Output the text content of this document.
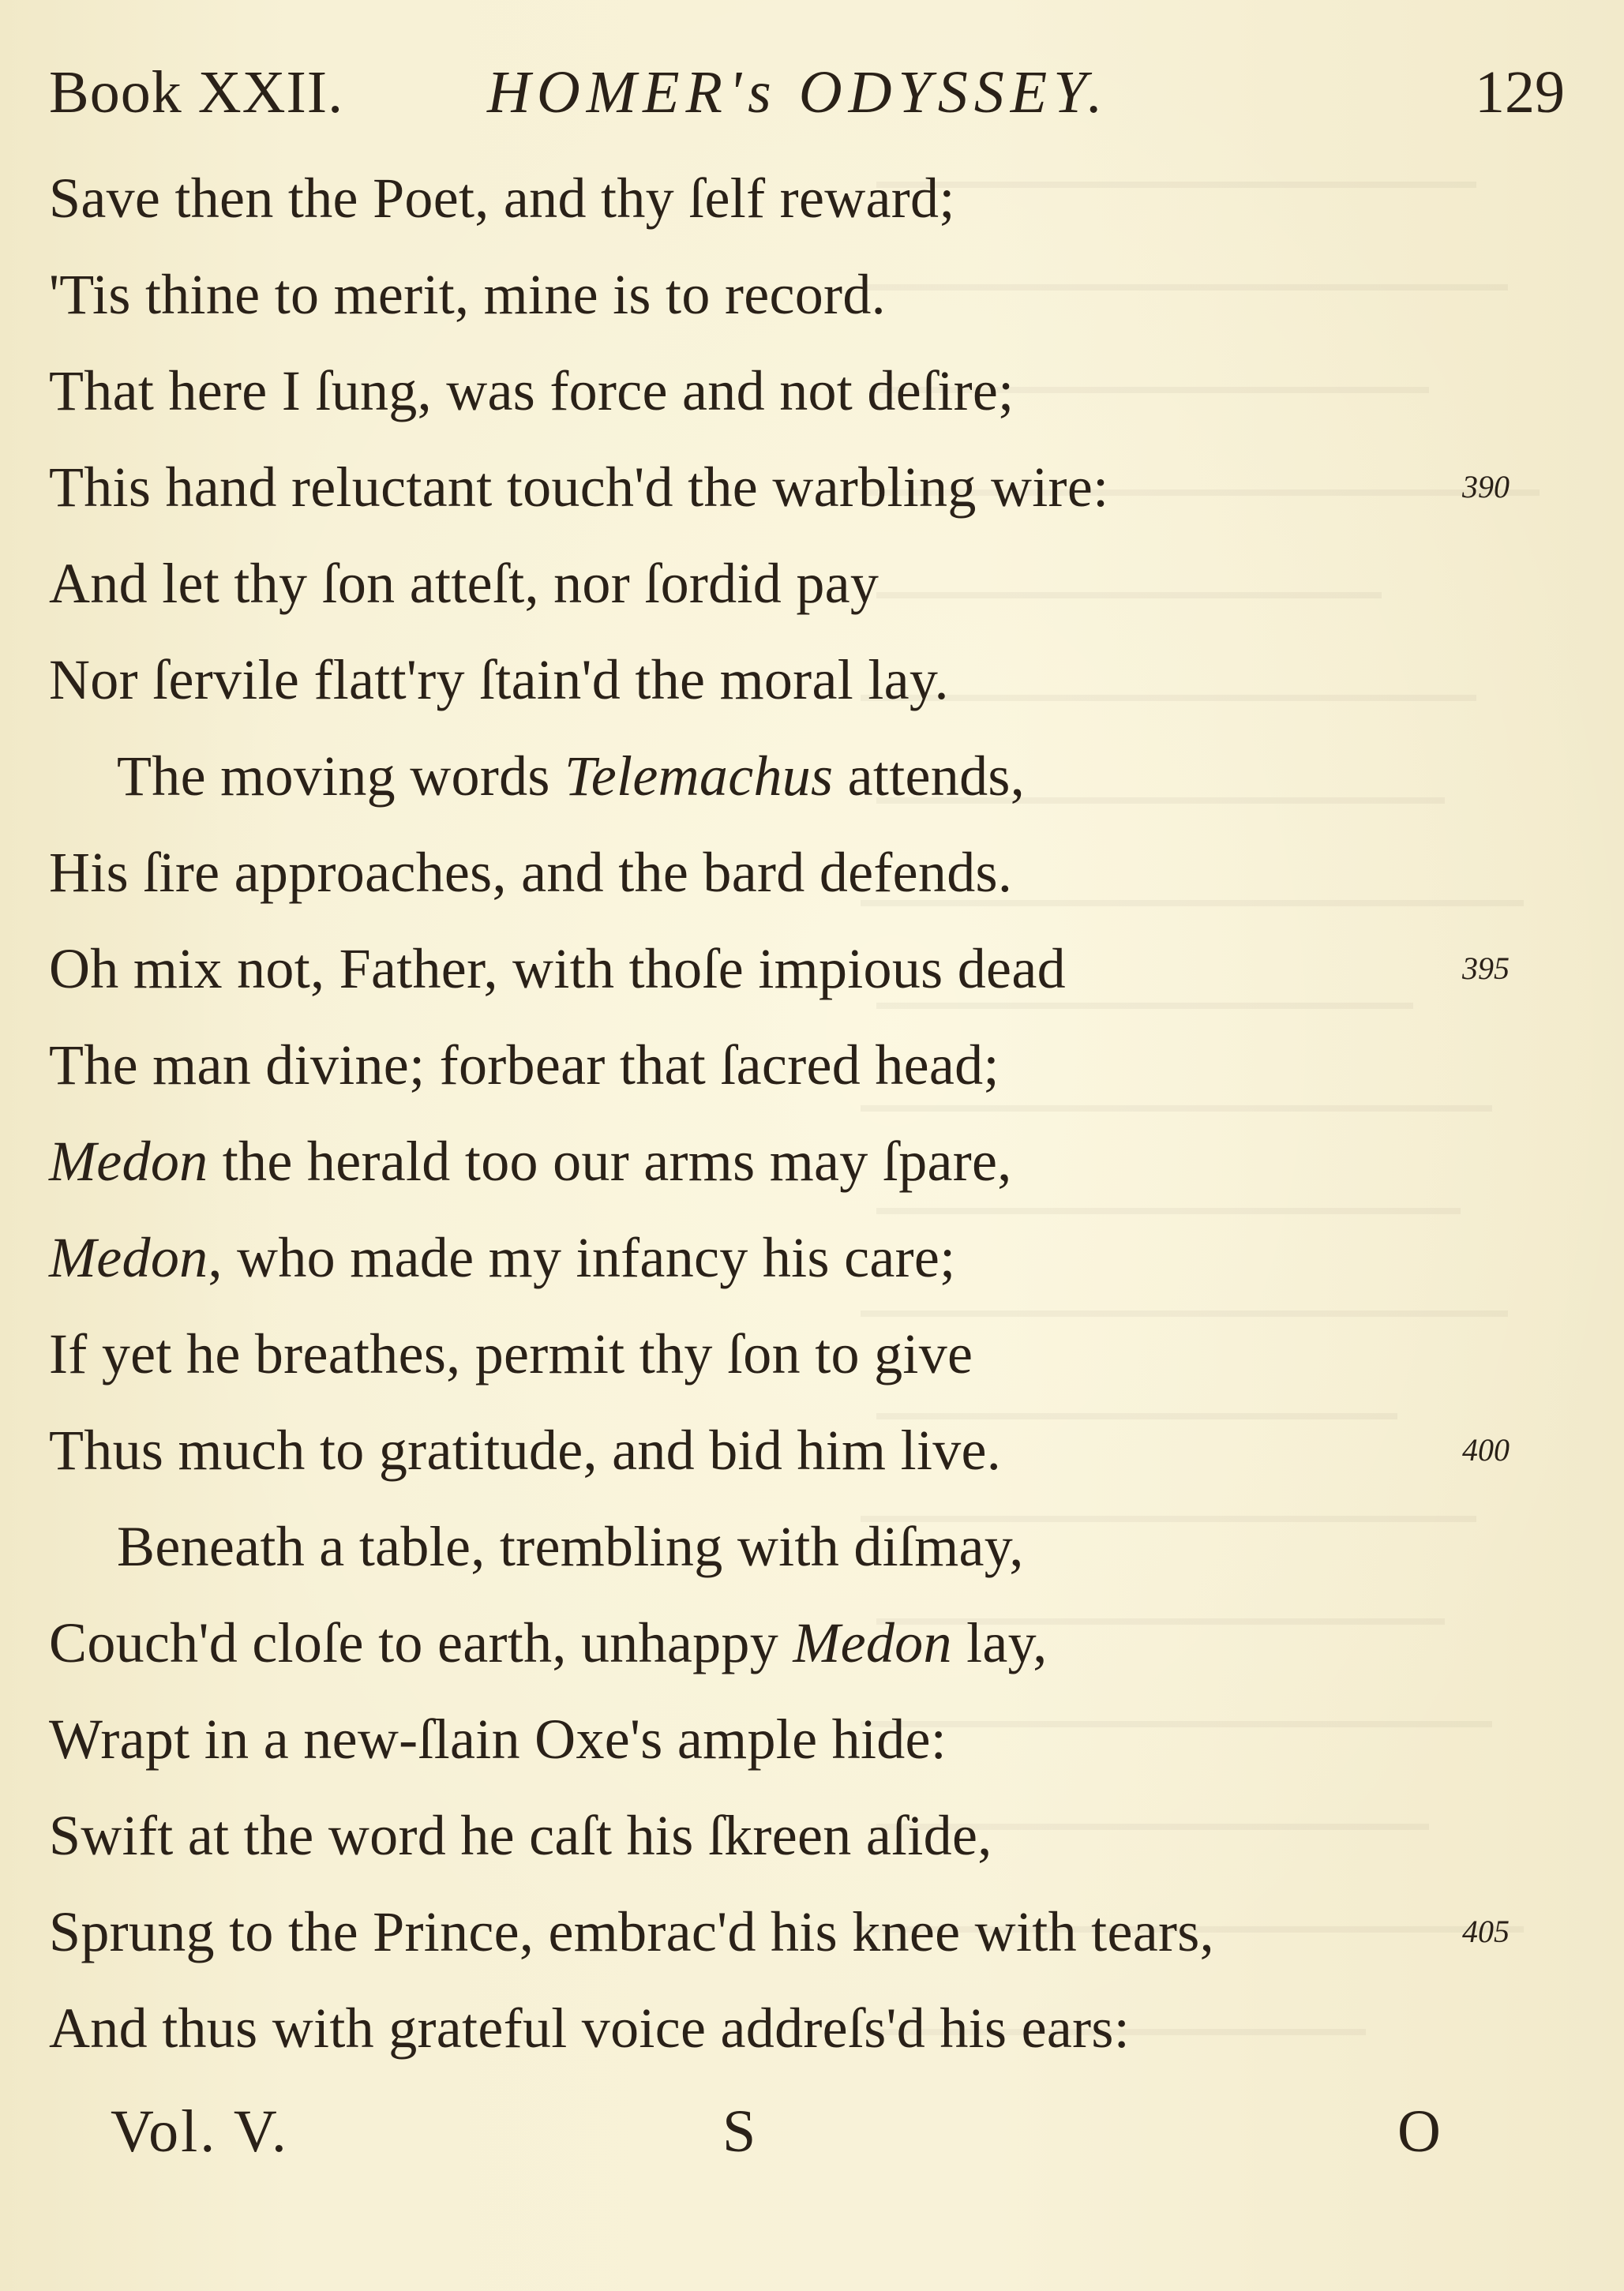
Book XXII. HOMER's ODYSSEY.	129
Save then the Poet, and thy ſelf reward;
'Tis thine to merit, mine is to record.
That here I ſung, was force and not deſire;
This hand reluctant touch'd the warbling wire:	390
And let thy ſon atteſt, nor ſordid pay
Nor ſervile flatt'ry ſtain'd the moral lay.
The moving words Telemachus attends,
His ſire approaches, and the bard defends.
Oh mix not, Father, with thoſe impious dead	395
The man divine; forbear that ſacred head;
Medon the herald too our arms may ſpare,
Medon, who made my infancy his care;
If yet he breathes, permit thy ſon to give
Thus much to gratitude, and bid him live.	400
Beneath a table, trembling with diſmay,
Couch'd cloſe to earth, unhappy Medon lay,
Wrapt in a new-ſlain Oxe's ample hide:
Swift at the word he caſt his ſkreen aſide,
Sprung to the Prince, embrac'd his knee with tears,	405
And thus with grateful voice addreſs'd his ears:
Vol. V.	S	O
